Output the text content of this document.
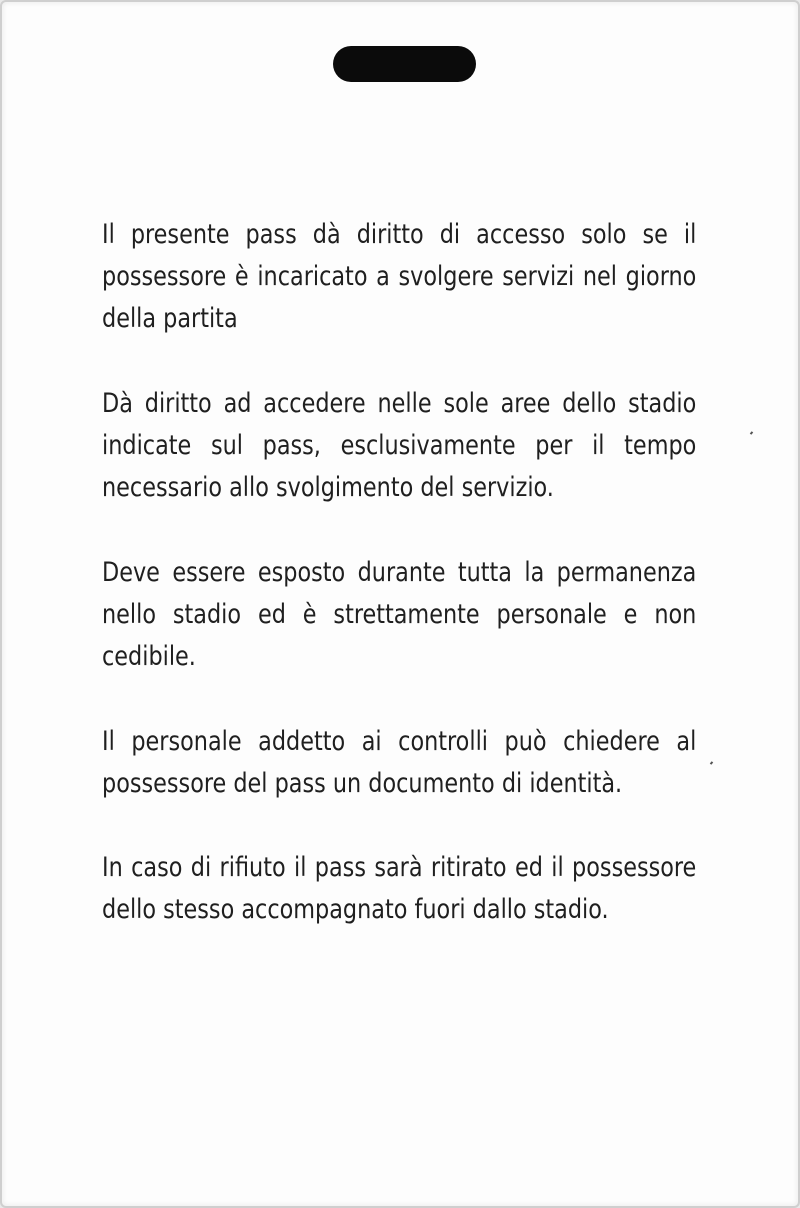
Il presente pass dà diritto di accesso solo se il possessore è incaricato a svolgere servizi nel giorno della partita
Dà diritto ad accedere nelle sole aree dello stadio indicate sul pass, esclusivamente per il tempo necessario allo svolgimento del servizio.
Deve essere esposto durante tutta la permanenza nello stadio ed è strettamente personale e non cedibile.
Il personale addetto ai controlli può chiedere al possessore del pass un documento di identità.
In caso di rifiuto il pass sarà ritirato ed il possessore dello stesso accompagnato fuori dallo stadio.
